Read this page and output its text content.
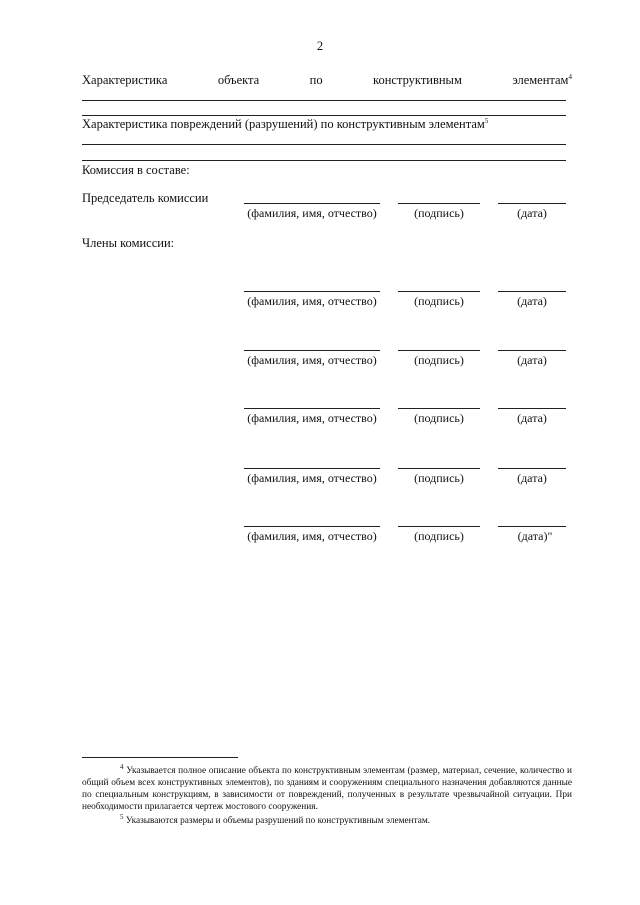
2
Характеристика	объекта	по	конструктивным	элементам$^4$
Характеристика повреждений (разрушений) по конструктивным элементам$^5$
Комиссия в составе:
Председатель комиссии
(фамилия, имя, отчество)	(подпись)	(дата)
Члены комиссии:
(фамилия, имя, отчество)	(подпись)	(дата)
(фамилия, имя, отчество)	(подпись)	(дата)
(фамилия, имя, отчество)	(подпись)	(дата)
(фамилия, имя, отчество)	(подпись)	(дата)
(фамилия, имя, отчество)	(подпись)	(дата)"

$^4$ Указывается полное описание объекта по конструктивным элементам (размер, материал, сечение, количество и общий объем всех конструктивных элементов), по зданиям и сооружениям специального назначения добавляются данные по специальным конструкциям, в зависимости от повреждений, полученных в результате чрезвычайной ситуации. При необходимости прилагается чертеж мостового сооружения.

$^5$ Указываются размеры и объемы разрушений по конструктивным элементам.
